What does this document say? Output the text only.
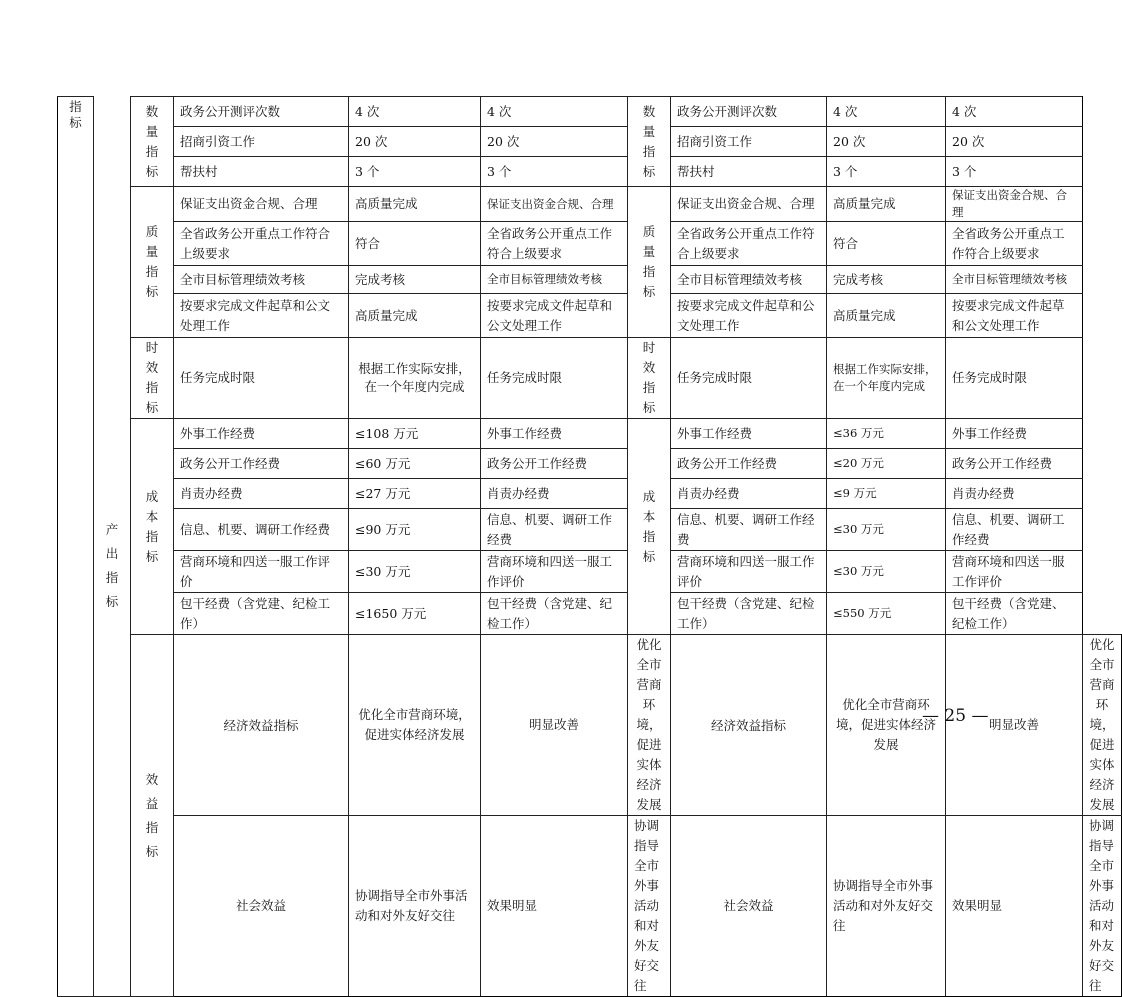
指标	产出指标	数量指标	政务公开测评次数	4 次	4 次	数量指标	政务公开测评次数	4 次	4 次	
			招商引资工作	20 次	20 次		招商引资工作	20 次	20 次	
			帮扶村	3 个	3 个		帮扶村	3 个	3 个	
		质量指标	保证支出资金合规、合理	高质量完成	保证支出资金合规、合理	质量指标	保证支出资金合规、合理	高质量完成	保证支出资金合规、合理	
			全省政务公开重点工作符合上级要求	符合	全省政务公开重点工作符合上级要求		全省政务公开重点工作符合上级要求	符合	全省政务公开重点工作符合上级要求	
			全市目标管理绩效考核	完成考核	全市目标管理绩效考核		全市目标管理绩效考核	完成考核	全市目标管理绩效考核	
			按要求完成文件起草和公文处理工作	高质量完成	按要求完成文件起草和公文处理工作		按要求完成文件起草和公文处理工作	高质量完成	按要求完成文件起草和公文处理工作	
		时效指标	任务完成时限	根据工作实际安排，在一个年度内完成	任务完成时限	时效指标	任务完成时限	根据工作实际安排，在一个年度内完成	任务完成时限	
		成本指标	外事工作经费	≤108 万元	外事工作经费	成本指标	外事工作经费	≤36 万元	外事工作经费	
			政务公开工作经费	≤60 万元	政务公开工作经费		政务公开工作经费	≤20 万元	政务公开工作经费	
			肖责办经费	≤27 万元	肖责办经费		肖责办经费	≤9 万元	肖责办经费	
			信息、机要、调研工作经费	≤90 万元	信息、机要、调研工作经费		信息、机要、调研工作经费	≤30 万元	信息、机要、调研工作经费	
			营商环境和四送一服工作评价	≤30 万元	营商环境和四送一服工作评价		营商环境和四送一服工作评价	≤30 万元	营商环境和四送一服工作评价	
			包干经费（含党建、纪检工作）	≤1650 万元	包干经费（含党建、纪检工作）		包干经费（含党建、纪检工作）	≤550 万元	包干经费（含党建、纪检工作）	
		效益指标	经济效益指标	优化全市营商环境，促进实体经济发展	明显改善	优化全市营商环境，促进实体经济发展	经济效益指标	优化全市营商环境，促进实体经济发展	明显改善	优化全市营商环境，促进实体经济发展
			社会效益	协调指导全市外事活动和对外友好交往	效果明显	协调指导全市外事活动和对外友好交往	社会效益	协调指导全市外事活动和对外友好交往	效果明显	协调指导全市外事活动和对外友好交往
— 25 —
